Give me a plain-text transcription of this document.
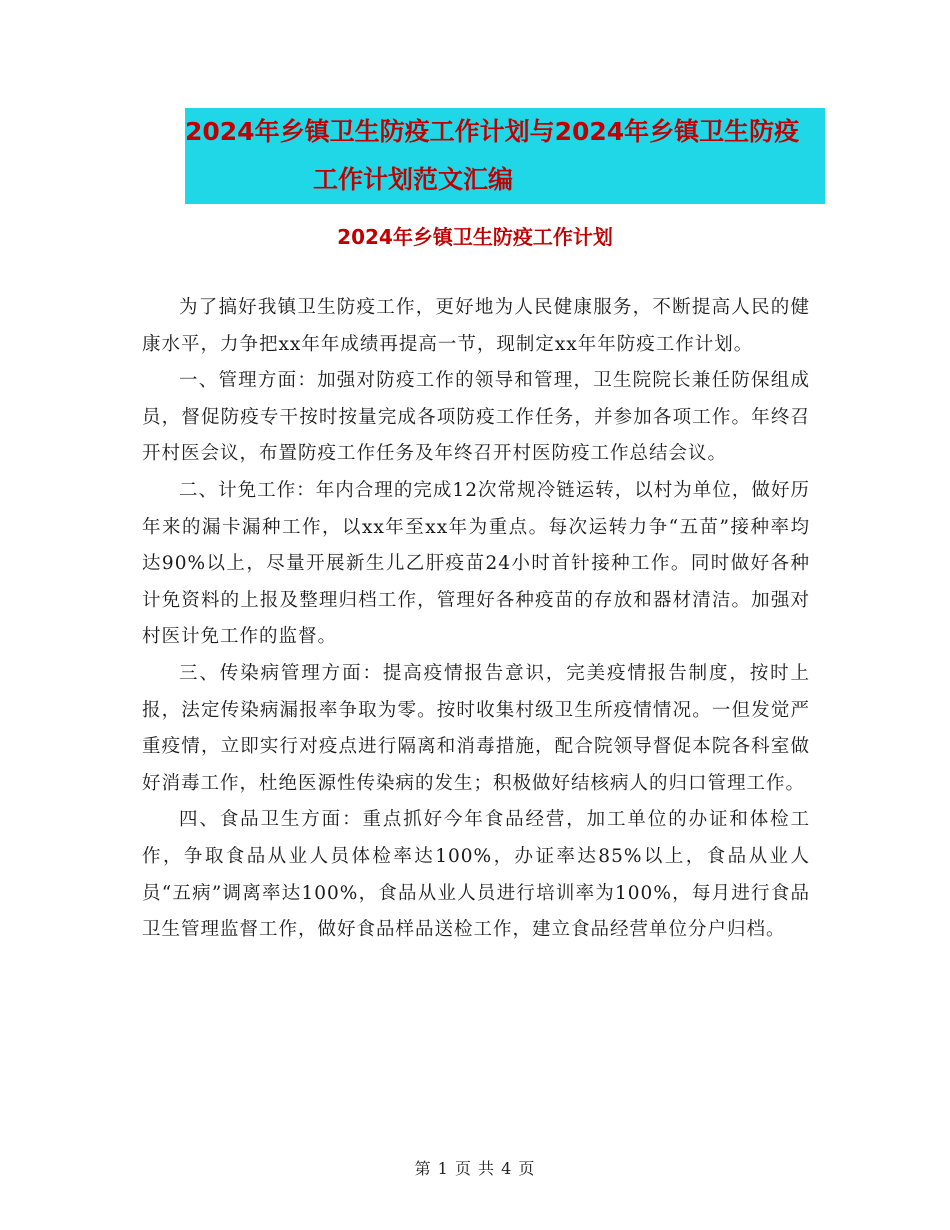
2024年乡镇卫生防疫工作计划与2024年乡镇卫生防疫
工作计划范文汇编
2024年乡镇卫生防疫工作计划

为了搞好我镇卫生防疫工作，更好地为人民健康服务，不断提高人民的健康水平，力争把xx年年成绩再提高一节，现制定xx年年防疫工作计划。

一、管理方面：加强对防疫工作的领导和管理，卫生院院长兼任防保组成员，督促防疫专干按时按量完成各项防疫工作任务，并参加各项工作。年终召开村医会议，布置防疫工作任务及年终召开村医防疫工作总结会议。

二、计免工作：年内合理的完成12次常规冷链运转，以村为单位，做好历年来的漏卡漏种工作，以xx年至xx年为重点。每次运转力争“五苗”接种率均达90%以上，尽量开展新生儿乙肝疫苗24小时首针接种工作。同时做好各种计免资料的上报及整理归档工作，管理好各种疫苗的存放和器材清洁。加强对村医计免工作的监督。

三、传染病管理方面：提高疫情报告意识，完美疫情报告制度，按时上报，法定传染病漏报率争取为零。按时收集村级卫生所疫情情况。一但发觉严重疫情，立即实行对疫点进行隔离和消毒措施，配合院领导督促本院各科室做好消毒工作，杜绝医源性传染病的发生；积极做好结核病人的归口管理工作。

四、食品卫生方面：重点抓好今年食品经营，加工单位的办证和体检工作，争取食品从业人员体检率达100%，办证率达85%以上，食品从业人员“五病”调离率达100%，食品从业人员进行培训率为100%，每月进行食品卫生管理监督工作，做好食品样品送检工作，建立食品经营单位分户归档。

第 1 页 共 4 页
